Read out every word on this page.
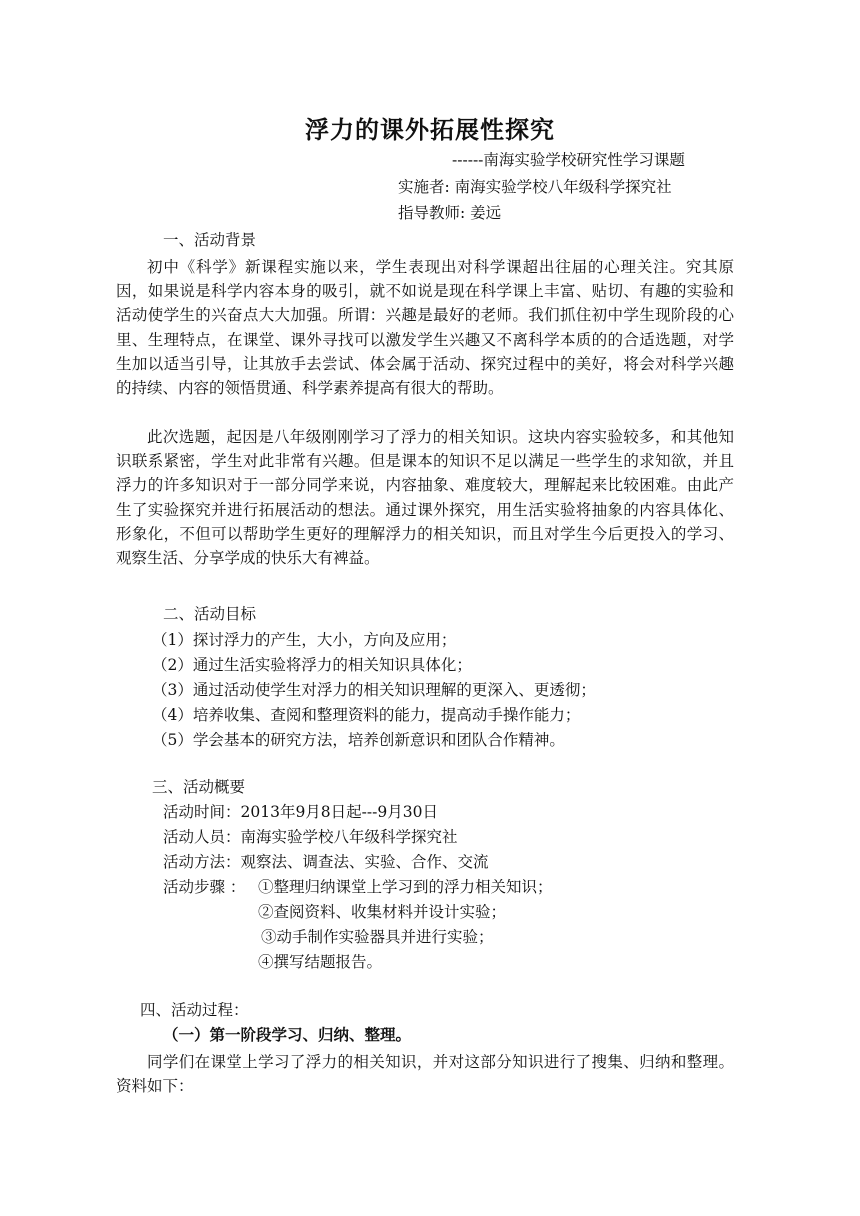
浮力的课外拓展性探究
------南海实验学校研究性学习课题
实施者: 南海实验学校八年级科学探究社
指导教师: 姜远
一、活动背景

初中《科学》新课程实施以来，学生表现出对科学课超出往届的心理关注。究其原因，如果说是科学内容本身的吸引，就不如说是现在科学课上丰富、贴切、有趣的实验和活动使学生的兴奋点大大加强。所谓：兴趣是最好的老师。我们抓住初中学生现阶段的心里、生理特点，在课堂、课外寻找可以激发学生兴趣又不离科学本质的的合适选题，对学生加以适当引导，让其放手去尝试、体会属于活动、探究过程中的美好，将会对科学兴趣的持续、内容的领悟贯通、科学素养提高有很大的帮助。

此次选题，起因是八年级刚刚学习了浮力的相关知识。这块内容实验较多，和其他知识联系紧密，学生对此非常有兴趣。但是课本的知识不足以满足一些学生的求知欲，并且浮力的许多知识对于一部分同学来说，内容抽象、难度较大，理解起来比较困难。由此产生了实验探究并进行拓展活动的想法。通过课外探究，用生活实验将抽象的内容具体化、形象化，不但可以帮助学生更好的理解浮力的相关知识，而且对学生今后更投入的学习、观察生活、分享学成的快乐大有裨益。

二、活动目标
（1）探讨浮力的产生，大小，方向及应用；
（2）通过生活实验将浮力的相关知识具体化；
（3）通过活动使学生对浮力的相关知识理解的更深入、更透彻；
（4）培养收集、查阅和整理资料的能力，提高动手操作能力；
（5）学会基本的研究方法，培养创新意识和团队合作精神。
三、活动概要
活动时间：2013年9月8日起---9月30日
活动人员：南海实验学校八年级科学探究社
活动方法：观察法、调查法、实验、合作、交流
活动步骤 ： ①整理归纳课堂上学习到的浮力相关知识；
②查阅资料、收集材料并设计实验；
③动手制作实验器具并进行实验；
④撰写结题报告。
四、活动过程：
（一）第一阶段学习、归纳、整理。

同学们在课堂上学习了浮力的相关知识，并对这部分知识进行了搜集、归纳和整理。资料如下：
